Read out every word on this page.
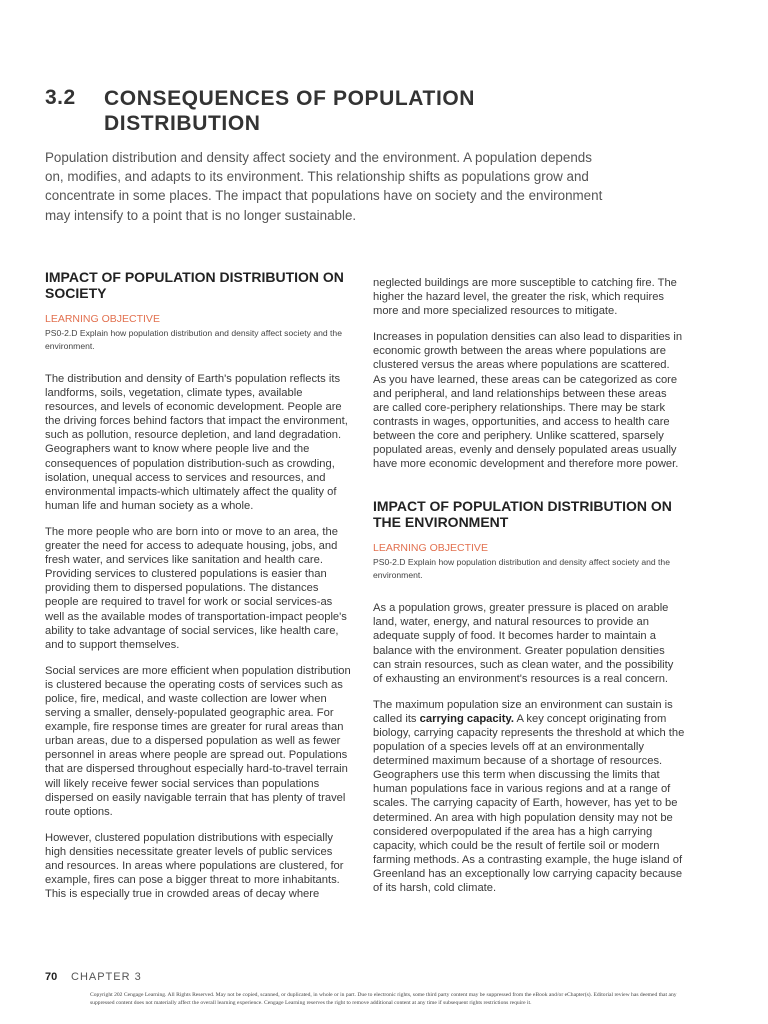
3.2 CONSEQUENCES OF POPULATION DISTRIBUTION
Population distribution and density affect society and the environment. A population depends on, modifies, and adapts to its environment. This relationship shifts as populations grow and concentrate in some places. The impact that populations have on society and the environment may intensify to a point that is no longer sustainable.
IMPACT OF POPULATION DISTRIBUTION ON SOCIETY
LEARNING OBJECTIVE
PS0-2.D Explain how population distribution and density affect society and the environment.

The distribution and density of Earth's population reflects its landforms, soils, vegetation, climate types, available resources, and levels of economic development. People are the driving forces behind factors that impact the environment, such as pollution, resource depletion, and land degradation. Geographers want to know where people live and the consequences of population distribution-such as crowding, isolation, unequal access to services and resources, and environmental impacts-which ultimately affect the quality of human life and human society as a whole.

The more people who are born into or move to an area, the greater the need for access to adequate housing, jobs, and fresh water, and services like sanitation and health care.

Providing services to clustered populations is easier than providing them to dispersed populations. The distances people are required to travel for work or social services-as well as the available modes of transportation-impact people's ability to take advantage of social services, like health care, and to support themselves.

Social services are more efficient when population distribution is clustered because the operating costs of services such as police, fire, medical, and waste collection are lower when serving a smaller, densely-populated geographic area. For example, fire response times are greater for rural areas than urban areas, due to a dispersed population as well as fewer personnel in areas where people are spread out. Populations that are dispersed throughout especially hard-to-travel terrain will likely receive fewer social services than populations dispersed on easily navigable terrain that has plenty of travel route options.

However, clustered population distributions with especially high densities necessitate greater levels of public services and resources. In areas where populations are clustered, for example, fires can pose a bigger threat to more inhabitants. This is especially true in crowded areas of decay where

neglected buildings are more susceptible to catching fire. The higher the hazard level, the greater the risk, which requires more and more specialized resources to mitigate.

Increases in population densities can also lead to disparities in economic growth between the areas where populations are clustered versus the areas where populations are scattered. As you have learned, these areas can be categorized as core and peripheral, and land relationships between these areas are called core-periphery relationships. There may be stark contrasts in wages, opportunities, and access to health care between the core and periphery. Unlike scattered, sparsely populated areas, evenly and densely populated areas usually have more economic development and therefore more power.

IMPACT OF POPULATION DISTRIBUTION ON THE ENVIRONMENT
LEARNING OBJECTIVE
PS0-2.D Explain how population distribution and density affect society and the environment.

As a population grows, greater pressure is placed on arable land, water, energy, and natural resources to provide an adequate supply of food. It becomes harder to maintain a balance with the environment. Greater population densities can strain resources, such as clean water, and the possibility of exhausting an environment's resources is a real concern.

The maximum population size an environment can sustain is called its carrying capacity. A key concept originating from biology, carrying capacity represents the threshold at which the population of a species levels off at an environmentally determined maximum because of a shortage of resources. Geographers use this term when discussing the limits that human populations face in various regions and at a range of scales. The carrying capacity of Earth, however, has yet to be determined. An area with high population density may not be considered overpopulated if the area has a high carrying capacity, which could be the result of fertile soil or modern farming methods. As a contrasting example, the huge island of Greenland has an exceptionally low carrying capacity because of its harsh, cold climate.

70 CHAPTER 3
Copyright 202 Cengage Learning. All Rights Reserved. May not be copied, scanned, or duplicated, in whole or in part. Due to electronic rights, some third party content may be suppressed from the eBook and/or eChapter(s). Editorial review has deemed that any suppressed content does not materially affect the overall learning experience. Cengage Learning reserves the right to remove additional content at any time if subsequent rights restrictions require it.
